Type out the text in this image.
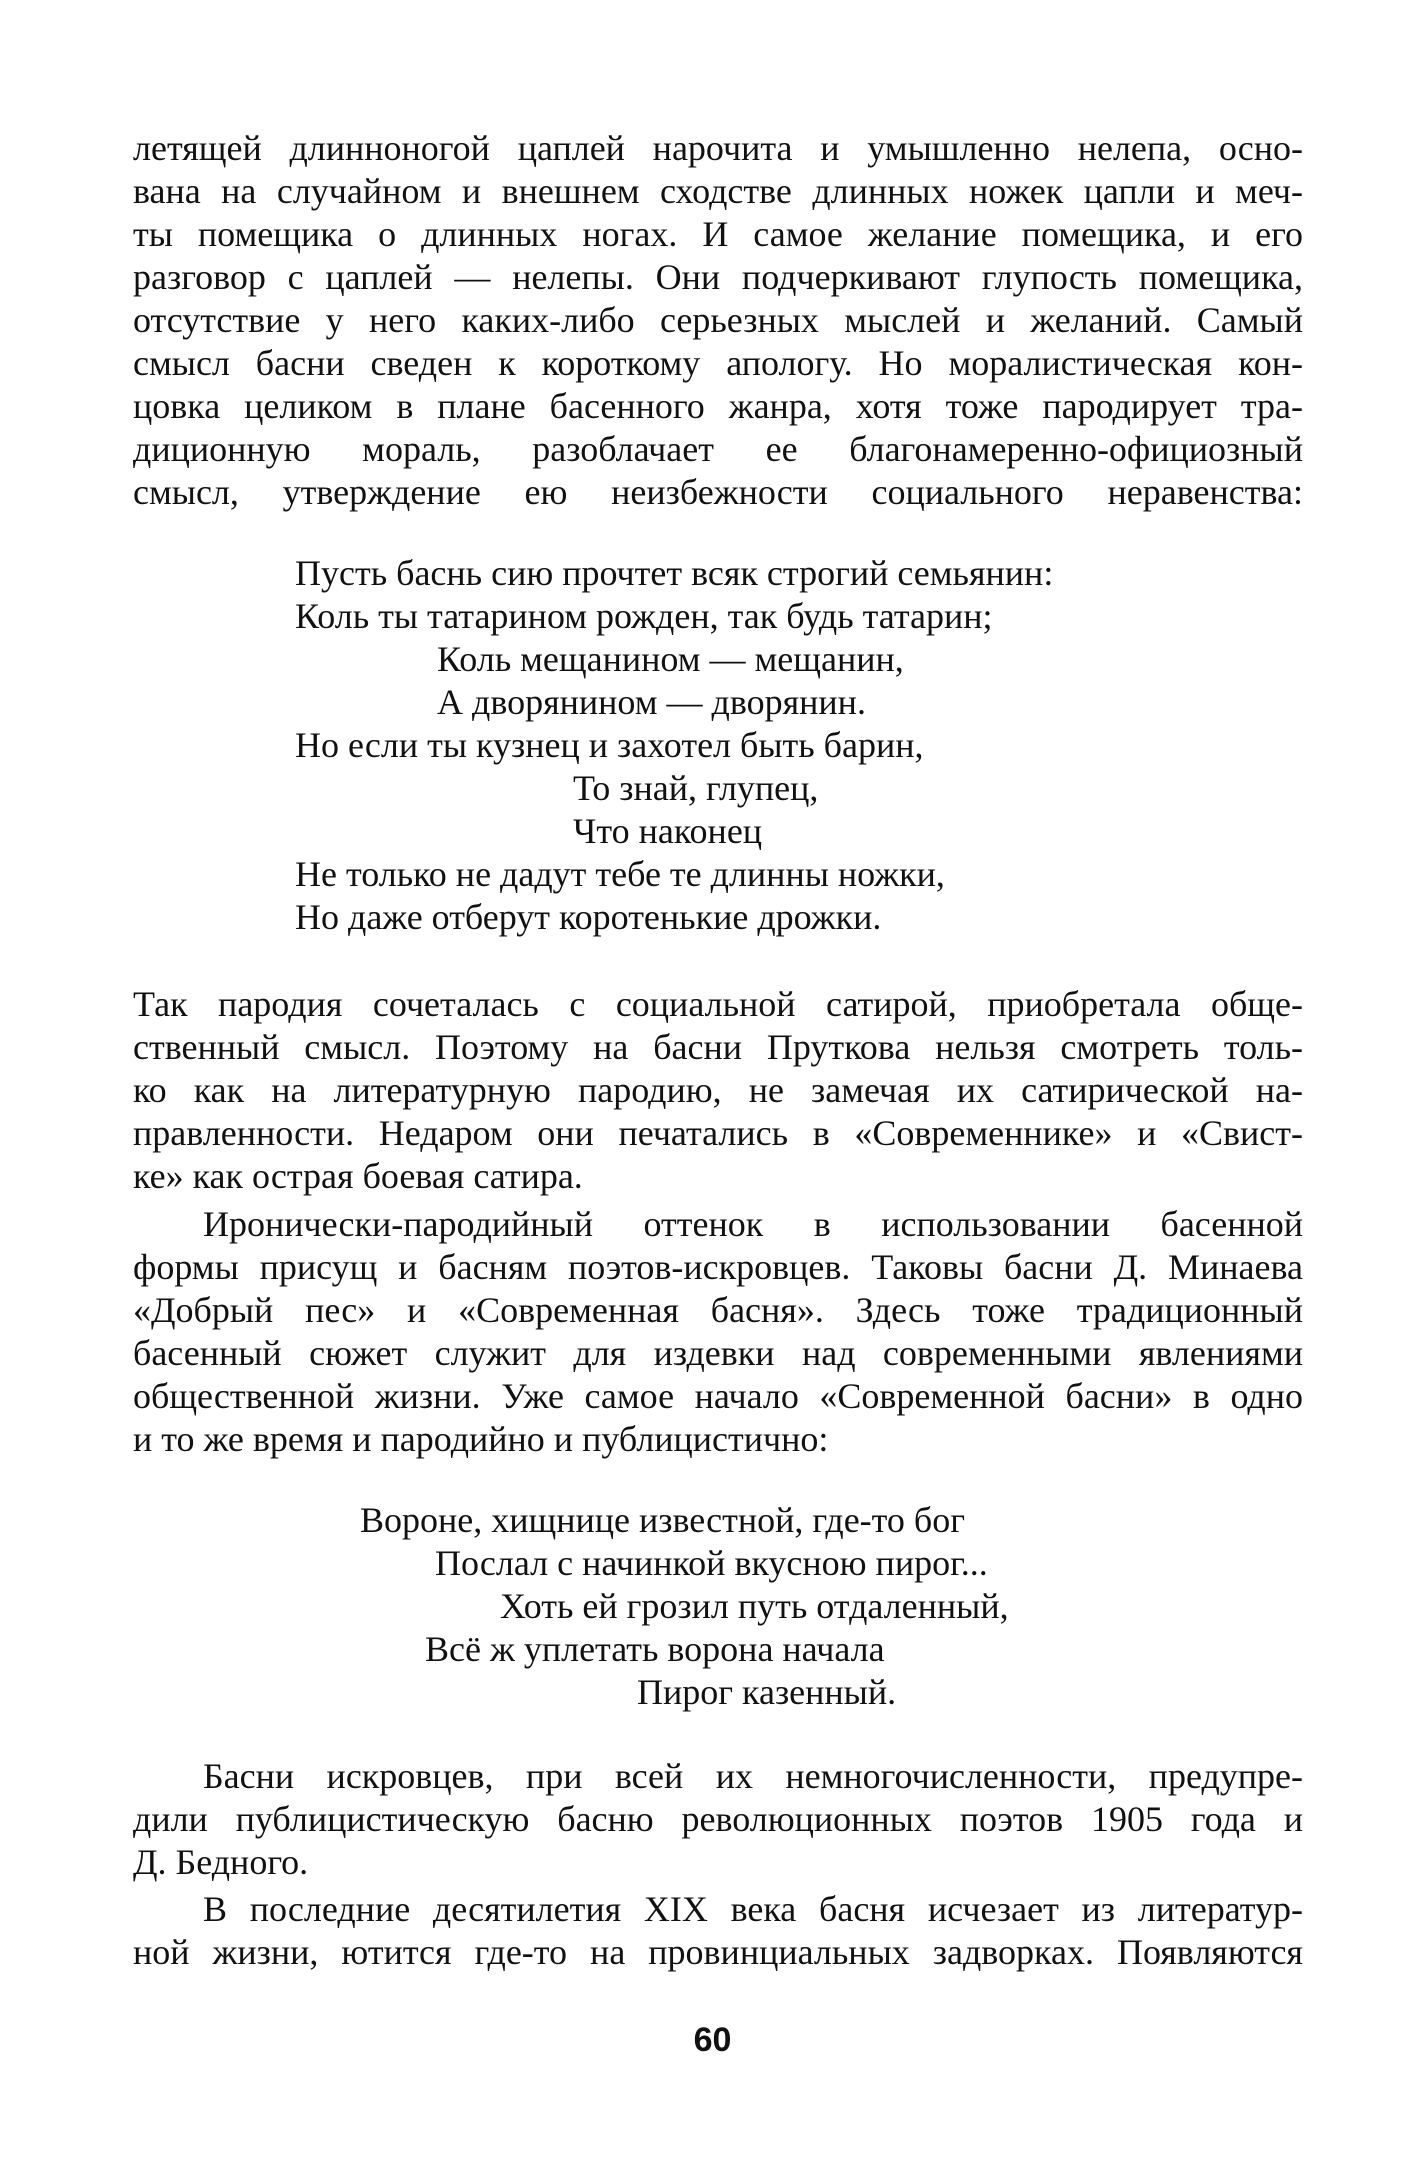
летящей длинноногой цаплей нарочита и умышленно нелепа, осно-
вана на случайном и внешнем сходстве длинных ножек цапли и меч-
ты помещика о длинных ногах. И самое желание помещика, и его
разговор с цаплей — нелепы. Они подчеркивают глупость помещика,
отсутствие у него каких-либо серьезных мыслей и желаний. Самый
смысл басни сведен к короткому апологу. Но моралистическая кон-
цовка целиком в плане басенного жанра, хотя тоже пародирует тра-
диционную мораль, разоблачает ее благонамеренно-официозный
смысл, утверждение ею неизбежности социального неравенства:
Пусть баснь сию прочтет всяк строгий семьянин:
Коль ты татарином рожден, так будь татарин;
Коль мещанином — мещанин,
А дворянином — дворянин.
Но если ты кузнец и захотел быть барин,
То знай, глупец,
Что наконец
Не только не дадут тебе те длинны ножки,
Но даже отберут коротенькие дрожки.
Так пародия сочеталась с социальной сатирой, приобретала обще-
ственный смысл. Поэтому на басни Пруткова нельзя смотреть толь-
ко как на литературную пародию, не замечая их сатирической на-
правленности. Недаром они печатались в «Современнике» и «Свист-
ке» как острая боевая сатира.
Иронически-пародийный оттенок в использовании басенной
формы присущ и басням поэтов-искровцев. Таковы басни Д. Минаева
«Добрый пес» и «Современная басня». Здесь тоже традиционный
басенный сюжет служит для издевки над современными явлениями
общественной жизни. Уже самое начало «Современной басни» в одно
и то же время и пародийно и публицистично:
Вороне, хищнице известной, где-то бог
Послал с начинкой вкусною пирог...
Хоть ей грозил путь отдаленный,
Всё ж уплетать ворона начала
Пирог казенный.
Басни искровцев, при всей их немногочисленности, предупре-
дили публицистическую басню революционных поэтов 1905 года и
Д. Бедного.
В последние десятилетия XIX века басня исчезает из литератур-
ной жизни, ютится где-то на провинциальных задворках. Появляются
60
